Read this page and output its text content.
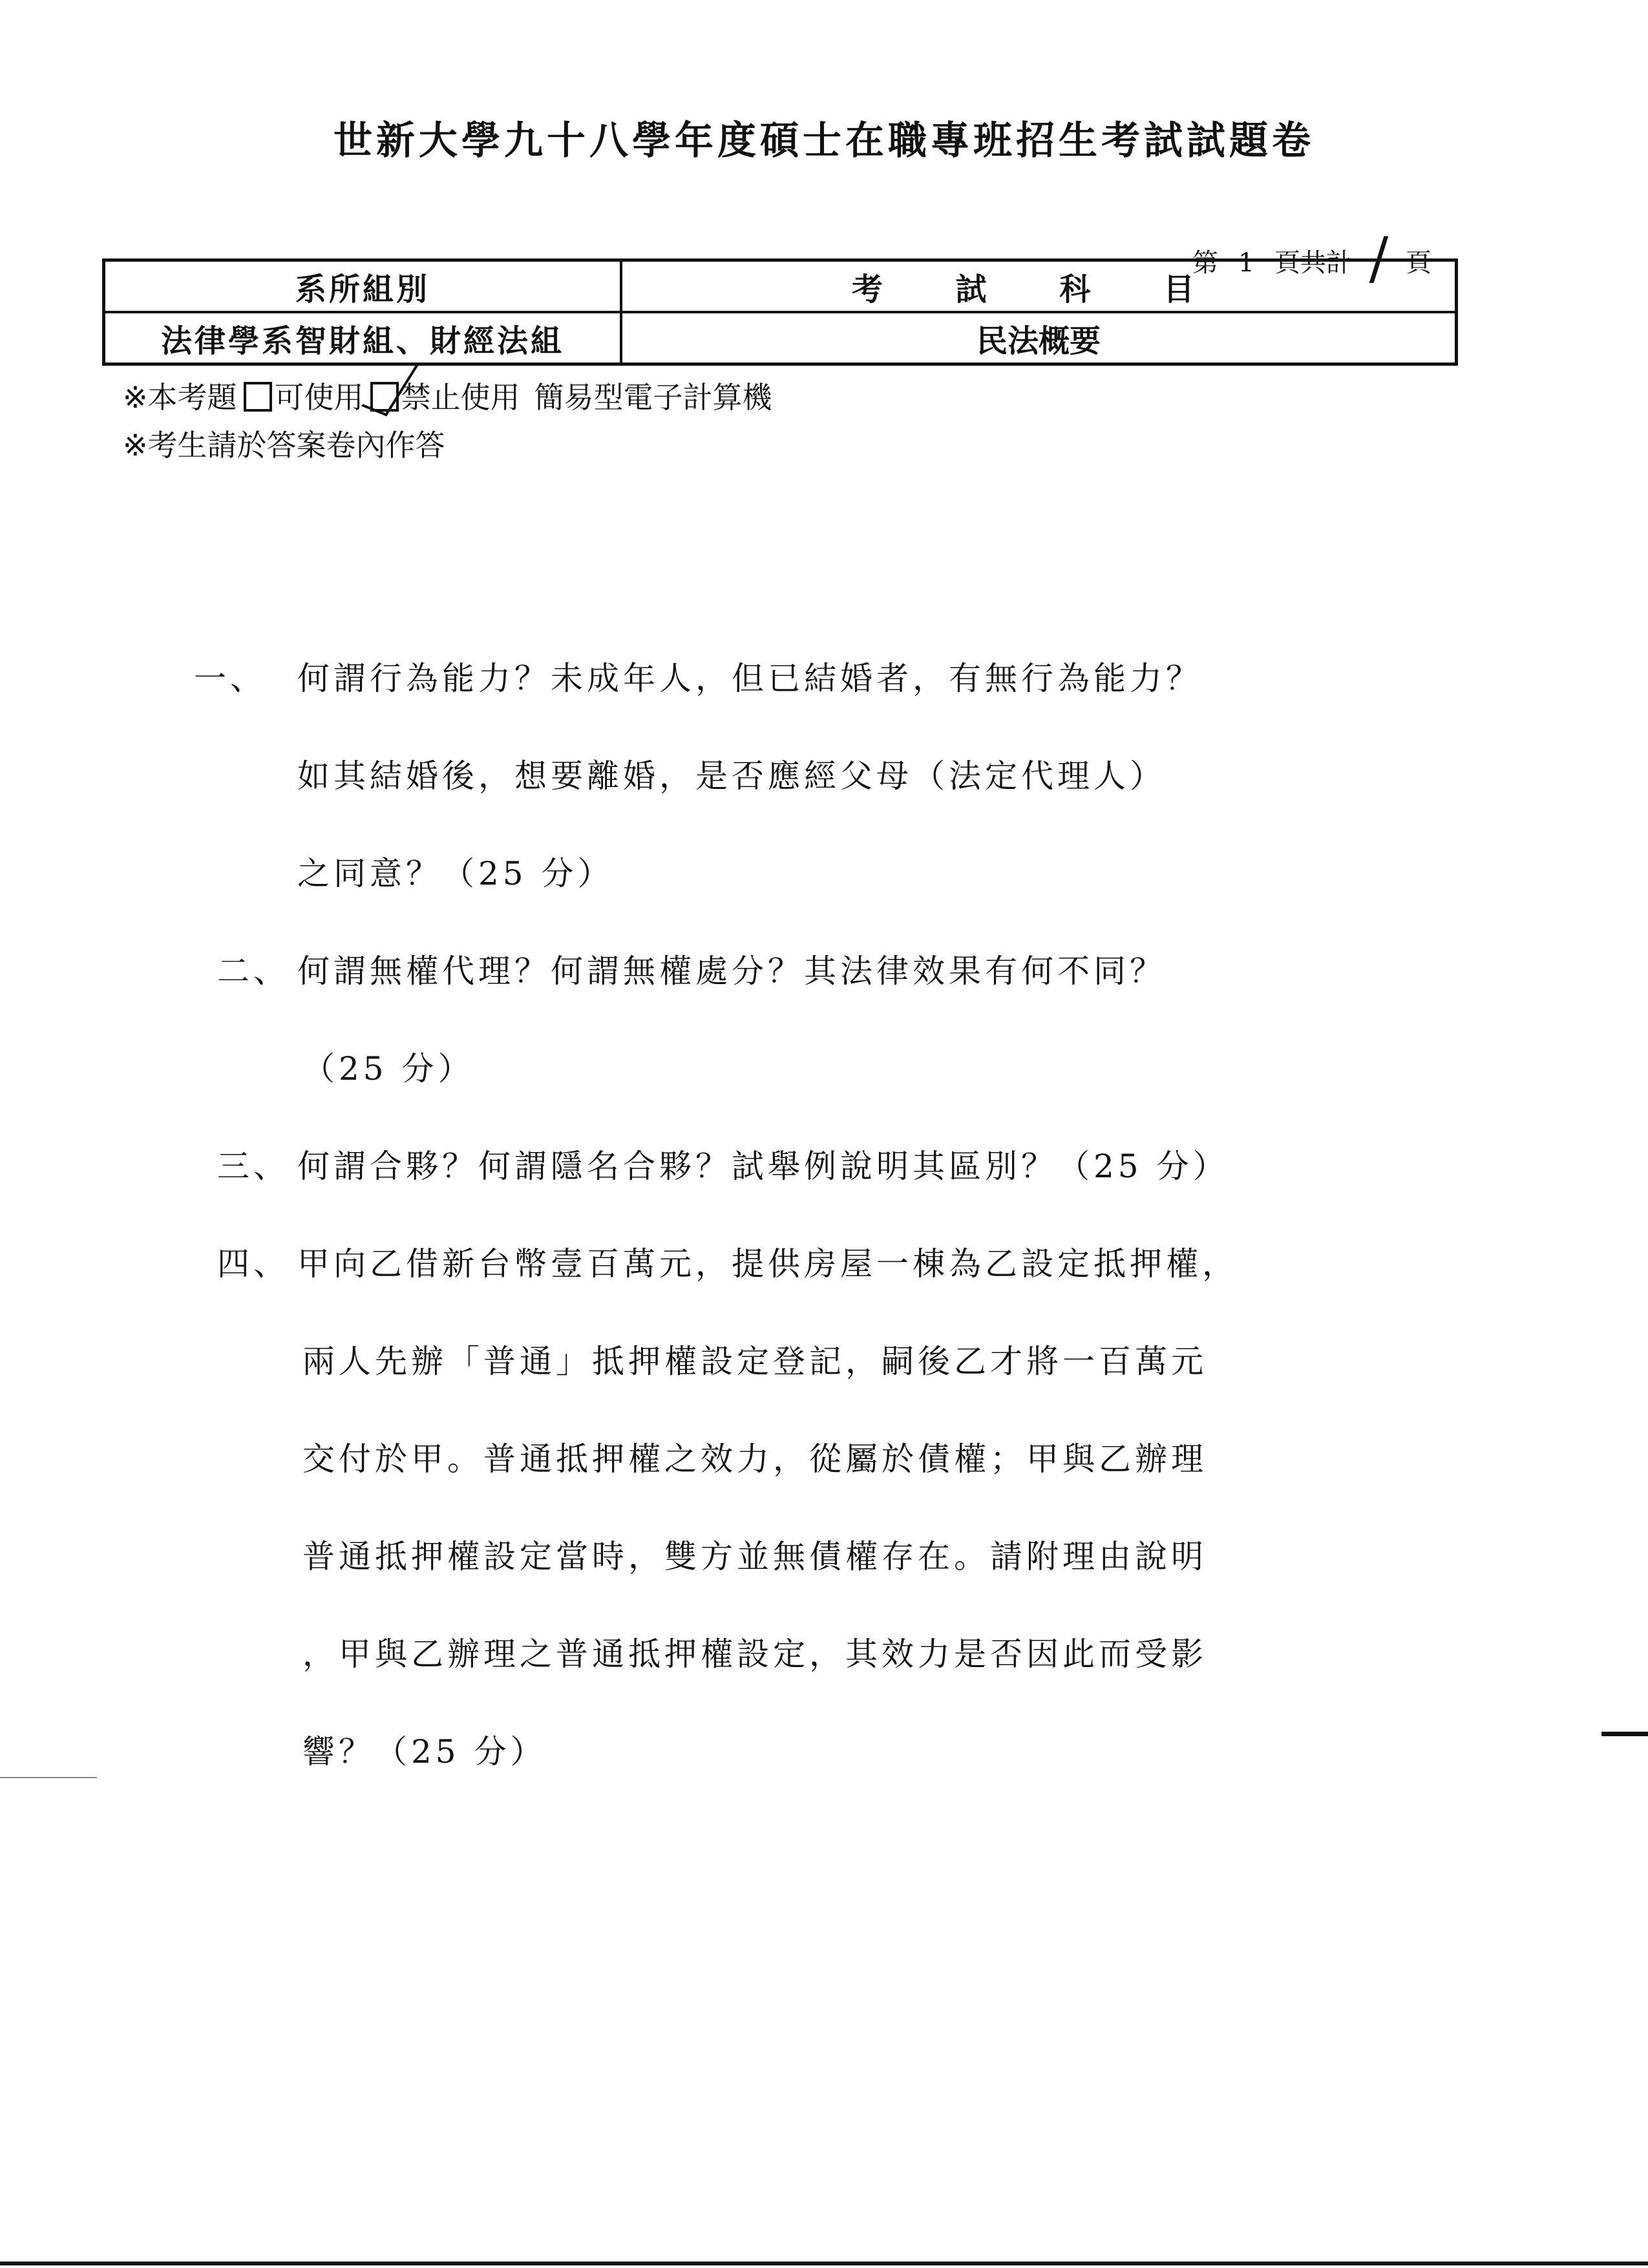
世新大學九十八學年度碩士在職專班招生考試試題卷
第 1 頁共計 / 頁
系所組別	考 試 科 目
法律學系智財組、財經法組	民法概要
※本考題 可使用 禁止使用 簡易型電子計算機
※考生請於答案卷內作答
一、 何謂行為能力？未成年人，但已結婚者，有無行為能力？
如其結婚後，想要離婚，是否應經父母（法定代理人）
之同意？（25 分）
二、 何謂無權代理？何謂無權處分？其法律效果有何不同？
（25 分）
三、 何謂合夥？何謂隱名合夥？試舉例說明其區別？（25 分）
四、 甲向乙借新台幣壹百萬元，提供房屋一棟為乙設定抵押權，
兩人先辦「普通」抵押權設定登記，嗣後乙才將一百萬元
交付於甲。普通抵押權之效力，從屬於債權；甲與乙辦理
普通抵押權設定當時，雙方並無債權存在。請附理由說明
，甲與乙辦理之普通抵押權設定，其效力是否因此而受影
響？（25 分）
